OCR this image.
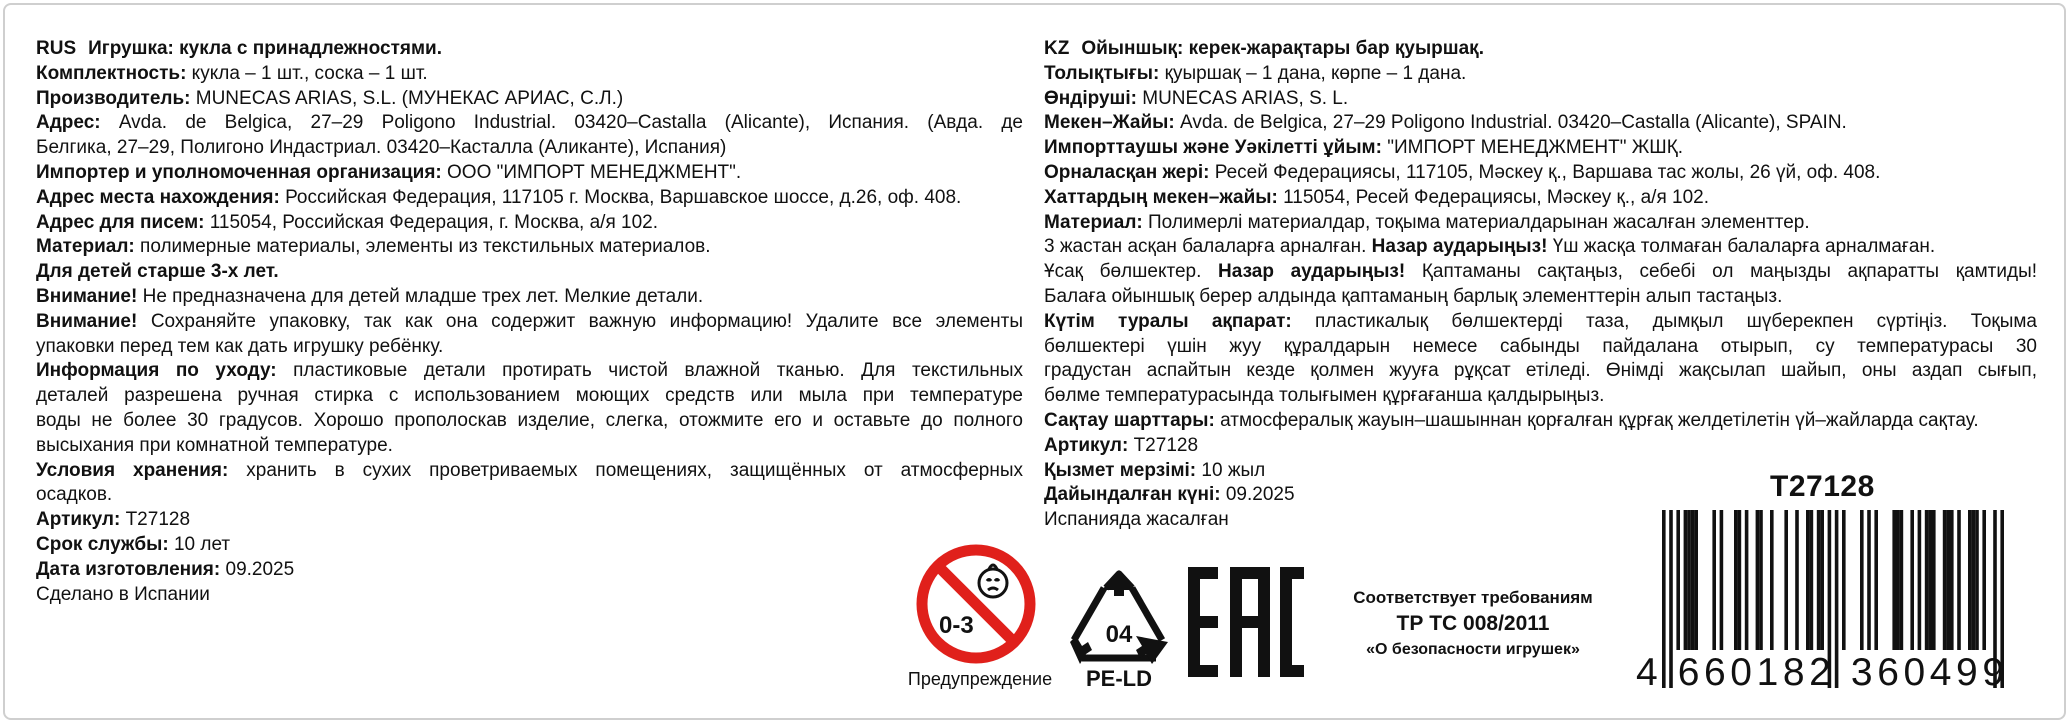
RUS Игрушка: кукла с принадлежностями.
Комплектность: кукла – 1 шт., соска – 1 шт.
Производитель: MUNECAS ARIAS, S.L. (МУНЕКАС АРИАС, С.Л.)
Адрес: Avda. de Belgica, 27–29 Poligono Industrial. 03420–Castalla (Alicante), Испания. (Авда. де
Белгика, 27–29, Полигоно Индастриал. 03420–Касталла (Аликанте), Испания)
Импортер и уполномоченная организация: ООО "ИМПОРТ МЕНЕДЖМЕНТ".
Адрес места нахождения: Российская Федерация, 117105 г. Москва, Варшавское шоссе, д.26, оф. 408.
Адрес для писем: 115054, Российская Федерация, г. Москва, а/я 102.
Материал: полимерные материалы, элементы из текстильных материалов.
Для детей старше 3-х лет.
Внимание! Не предназначена для детей младше трех лет. Мелкие детали.
Внимание! Сохраняйте упаковку, так как она содержит важную информацию! Удалите все элементы
упаковки перед тем как дать игрушку ребёнку.
Информация по уходу: пластиковые детали протирать чистой влажной тканью. Для текстильных
деталей разрешена ручная стирка с использованием моющих средств или мыла при температуре
воды не более 30 градусов. Хорошо прополоскав изделие, слегка, отожмите его и оставьте до полного
высыхания при комнатной температуре.
Условия хранения: хранить в сухих проветриваемых помещениях, защищённых от атмосферных
осадков.
Артикул: Т27128
Срок службы: 10 лет
Дата изготовления: 09.2025
Сделано в Испании
KZ Ойыншық: керек-жарақтары бар қуыршақ.
Толықтығы: қуыршақ – 1 дана, көрпе – 1 дана.
Өндіруші: MUNECAS ARIAS, S. L.
Мекен–Жайы: Avda. de Belgica, 27–29 Poligono Industrial. 03420–Castalla (Alicante), SPAIN.
Импорттаушы және Уәкілетті ұйым: "ИМПОРТ МЕНЕДЖМЕНТ" ЖШҚ.
Орналасқан жері: Ресей Федерациясы, 117105, Мәскеу қ., Варшава тас жолы, 26 үй, оф. 408.
Хаттардың мекен–жайы: 115054, Ресей Федерациясы, Мәскеу қ., а/я 102.
Материал: Полимерлі материалдар, тоқыма материалдарынан жасалған элементтер.
3 жастан асқан балаларға арналған. Назар аударыңыз! Үш жасқа толмаған балаларға арналмаған.
Ұсақ бөлшектер. Назар аударыңыз! Қаптаманы сақтаңыз, себебі ол маңызды ақпаратты қамтиды!
Балаға ойыншық берер алдында қаптаманың барлық элементтерін алып тастаңыз.
Күтім туралы ақпарат: пластикалық бөлшектерді таза, дымқыл шүберекпен сүртіңіз. Тоқыма
бөлшектері үшін жуу құралдарын немесе сабынды пайдалана отырып, су температурасы 30
градустан аспайтын кезде қолмен жууға рұқсат етіледі. Өнімді жақсылап шайып, оны аздап сығып,
бөлме температурасында толығымен құрғағанша қалдырыңыз.
Сақтау шарттары: атмосфералық жауын–шашыннан қорғалған құрғақ желдетілетін үй–жайларда сақтау.
Артикул: Т27128
Қызмет мерзімі: 10 жыл
Дайындалған күні: 09.2025
Испанияда жасалған
0-3
Предупреждение
04
PE-LD
Соответствует требованиям
ТР ТС 008/2011
«О безопасности игрушек»
T27128
4 660182 360499
